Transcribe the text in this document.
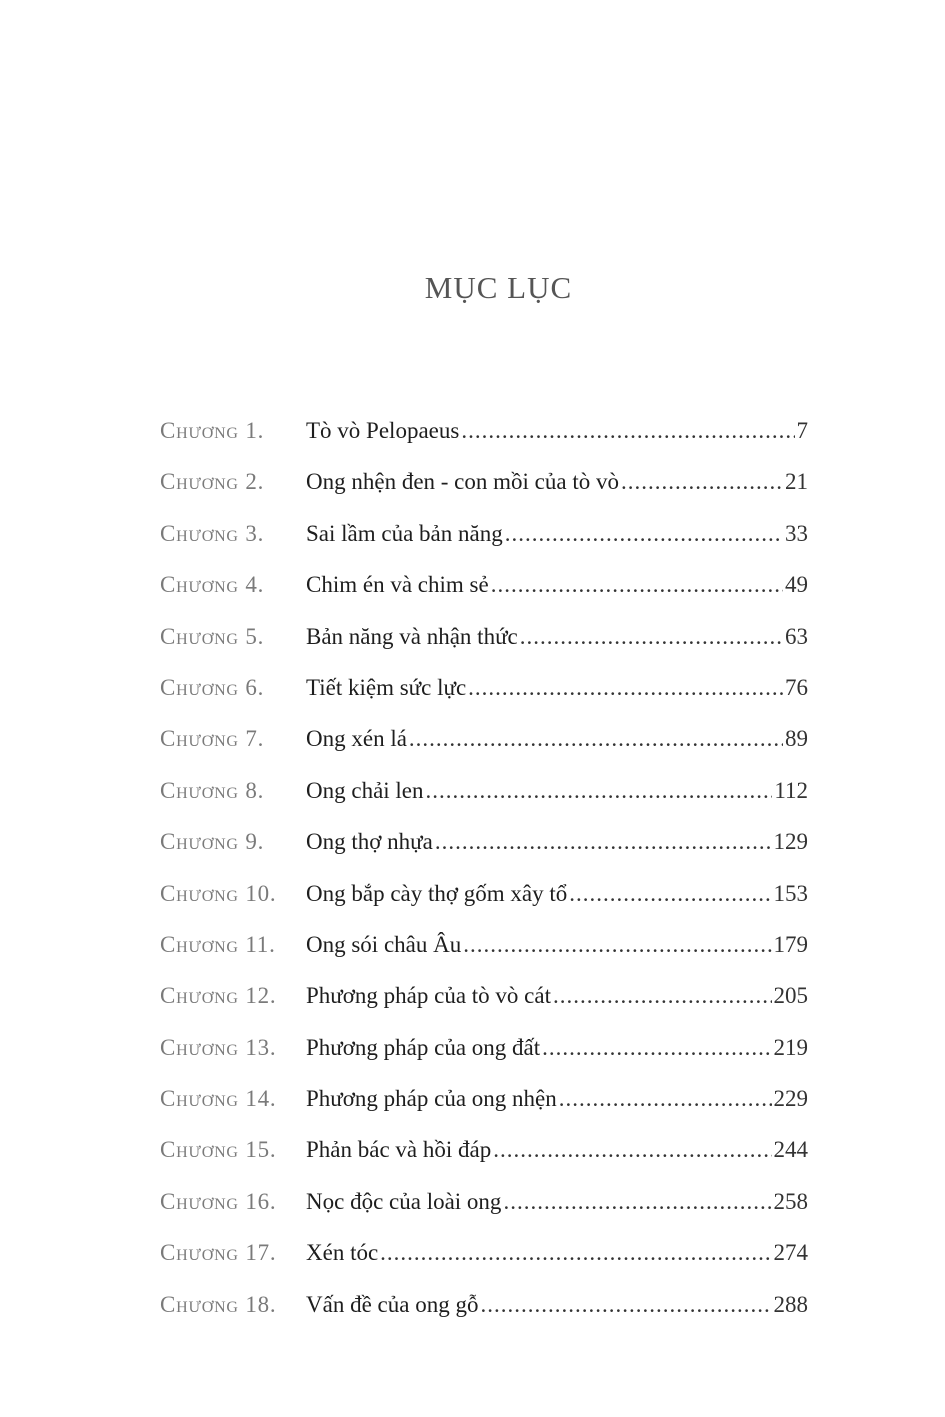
MỤC LỤC
Chương 1.	Tò vò Pelopaeus .....	7
Chương 2.	Ong nhện đen - con mồi của tò vò .....	21
Chương 3.	Sai lầm của bản năng .....	33
Chương 4.	Chim én và chim sẻ .....	49
Chương 5.	Bản năng và nhận thức .....	63
Chương 6.	Tiết kiệm sức lực .....	76
Chương 7.	Ong xén lá .....	89
Chương 8.	Ong chải len .....	112
Chương 9.	Ong thợ nhựa .....	129
Chương 10.	Ong bắp cày thợ gốm xây tổ .....	153
Chương 11.	Ong sói châu Âu .....	179
Chương 12.	Phương pháp của tò vò cát .....	205
Chương 13.	Phương pháp của ong đất .....	219
Chương 14.	Phương pháp của ong nhện .....	229
Chương 15.	Phản bác và hồi đáp .....	244
Chương 16.	Nọc độc của loài ong .....	258
Chương 17.	Xén tóc .....	274
Chương 18.	Vấn đề của ong gỗ .....	288
